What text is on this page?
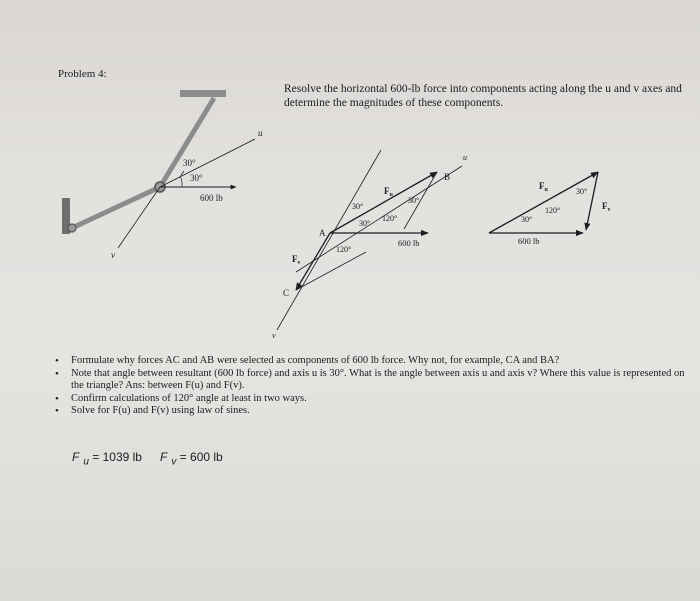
Problem 4:
Resolve the horizontal 600-lb force into components acting along the u and v axes and determine the magnitudes of these components.
30°
30°
600 lb
u
v
A
B
C
$F_u$
$F_v$
30°
30°
30°
120°
120°
600 lb
u
v
$F_u$
$F_v$
30°
120°
30°
600 lb
• Formulate why forces AC and AB were selected as components of 600 lb force. Why not, for example, CA and BA?
• Note that angle between resultant (600 lb force) and axis u is 30°. What is the angle between axis u and axis v? Where this value is represented on the triangle? Ans: between F(u) and F(v).
• Confirm calculations of 120° angle at least in two ways.
• Solve for F(u) and F(v) using law of sines.
F $_u$ = 1039 lb F $_v$ = 600 lb
